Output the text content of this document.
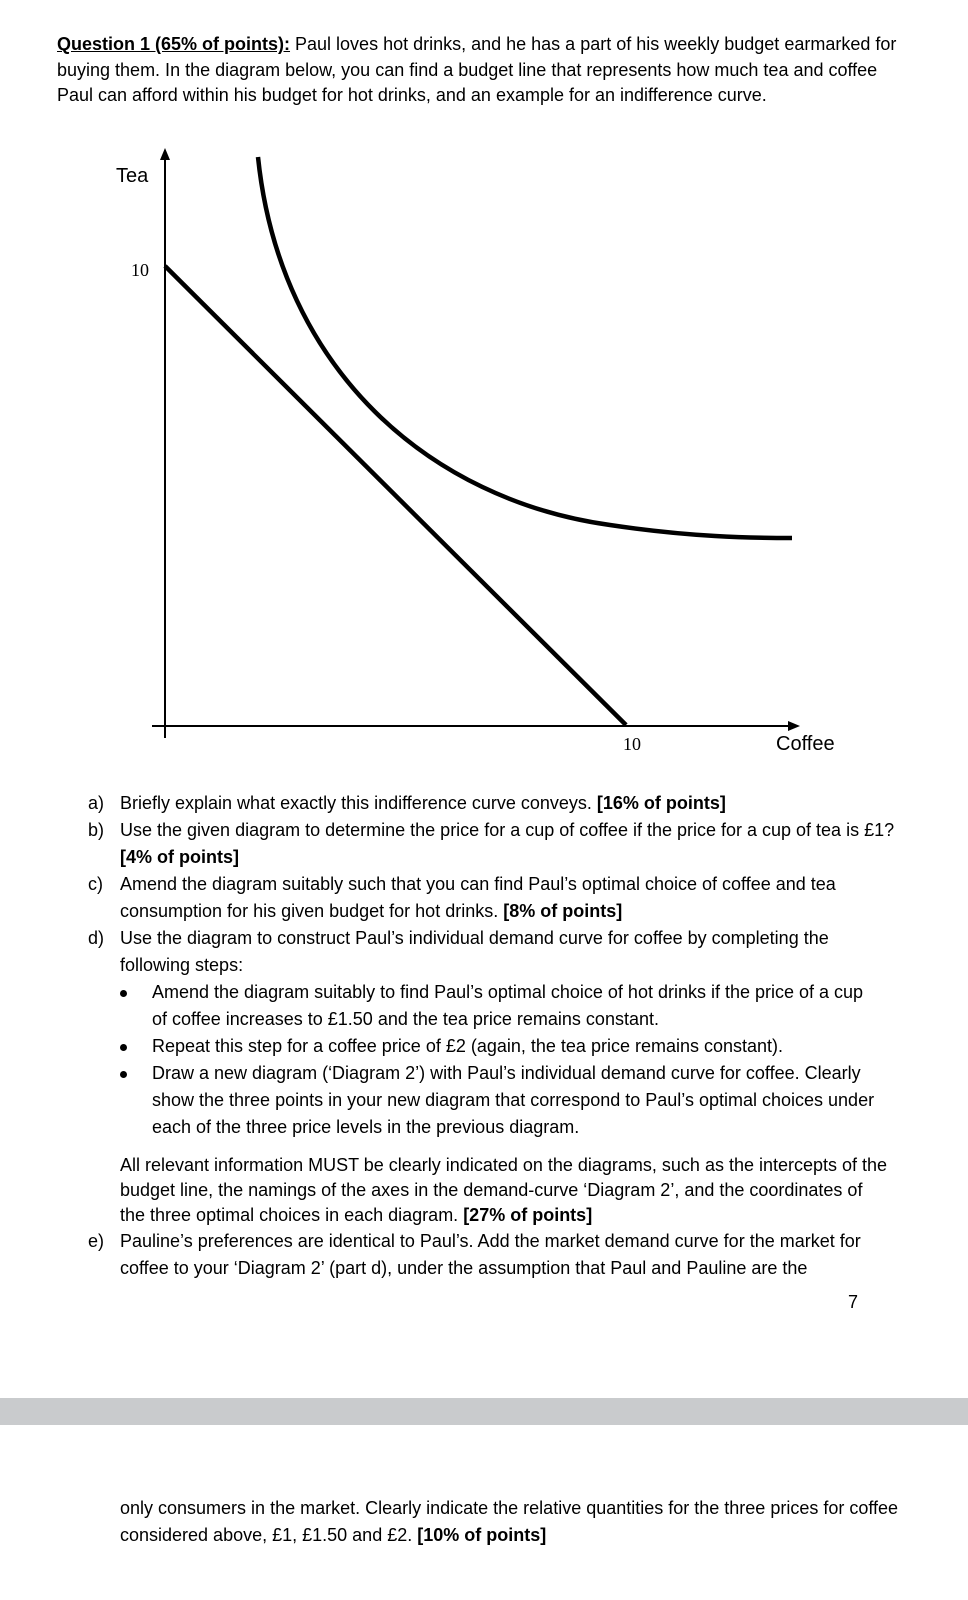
Question 1 (65% of points): Paul loves hot drinks, and he has a part of his weekly budget earmarked for buying them. In the diagram below, you can find a budget line that represents how much tea and coffee Paul can afford within his budget for hot drinks, and an example for an indifference curve.
Tea
Coffee
10
10
a) Briefly explain what exactly this indifference curve conveys. [16% of points]
b) Use the given diagram to determine the price for a cup of coffee if the price for a cup of tea is £1? [4% of points]
c) Amend the diagram suitably such that you can find Paul’s optimal choice of coffee and tea consumption for his given budget for hot drinks. [8% of points]
d) Use the diagram to construct Paul’s individual demand curve for coffee by completing the following steps:
Amend the diagram suitably to find Paul’s optimal choice of hot drinks if the price of a cup of coffee increases to £1.50 and the tea price remains constant.
Repeat this step for a coffee price of £2 (again, the tea price remains constant).
Draw a new diagram (‘Diagram 2’) with Paul’s individual demand curve for coffee. Clearly show the three points in your new diagram that correspond to Paul’s optimal choices under each of the three price levels in the previous diagram.
All relevant information MUST be clearly indicated on the diagrams, such as the intercepts of the budget line, the namings of the axes in the demand-curve ‘Diagram 2’, and the coordinates of the three optimal choices in each diagram. [27% of points]
e) Pauline’s preferences are identical to Paul’s. Add the market demand curve for the market for coffee to your ‘Diagram 2’ (part d), under the assumption that Paul and Pauline are the
7
only consumers in the market. Clearly indicate the relative quantities for the three prices for coffee considered above, £1, £1.50 and £2. [10% of points]
